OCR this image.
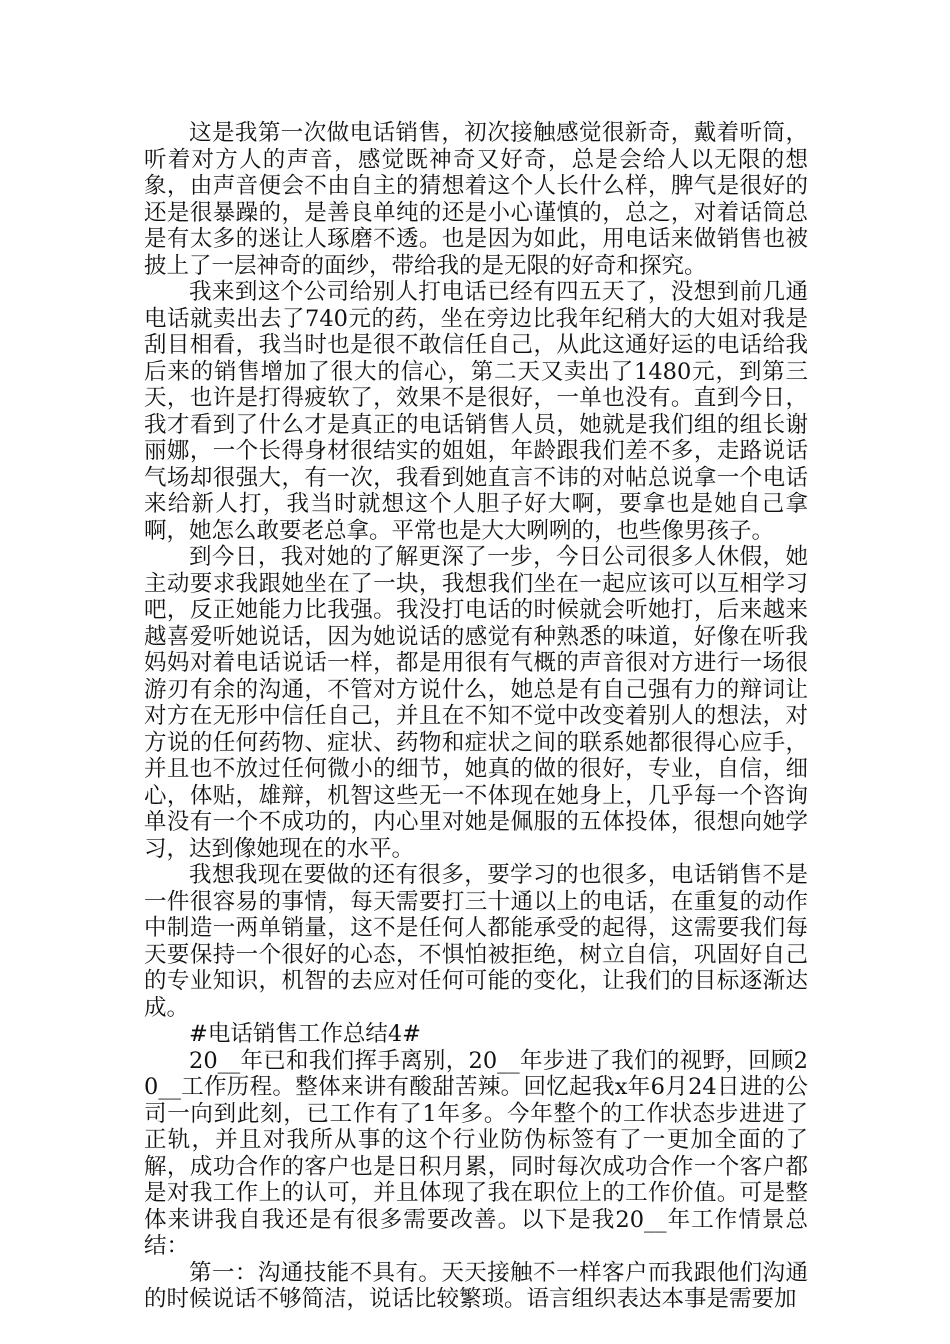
这是我第一次做电话销售，初次接触感觉很新奇，戴着听筒，听着对方人的声音，感觉既神奇又好奇，总是会给人以无限的想象，由声音便会不由自主的猜想着这个人长什么样，脾气是很好的还是很暴躁的，是善良单纯的还是小心谨慎的，总之，对着话筒总是有太多的迷让人琢磨不透。也是因为如此，用电话来做销售也被披上了一层神奇的面纱，带给我的是无限的好奇和探究。

我来到这个公司给别人打电话已经有四五天了，没想到前几通电话就卖出去了740元的药，坐在旁边比我年纪稍大的大姐对我是刮目相看，我当时也是很不敢信任自己，从此这通好运的电话给我后来的销售增加了很大的信心，第二天又卖出了1480元，到第三天，也许是打得疲软了，效果不是很好，一单也没有。直到今日，我才看到了什么才是真正的电话销售人员，她就是我们组的组长谢丽娜，一个长得身材很结实的姐姐，年龄跟我们差不多，走路说话气场却很强大，有一次，我看到她直言不讳的对帖总说拿一个电话来给新人打，我当时就想这个人胆子好大啊，要拿也是她自己拿啊，她怎么敢要老总拿。平常也是大大咧咧的，也些像男孩子。

到今日，我对她的了解更深了一步，今日公司很多人休假，她主动要求我跟她坐在了一块，我想我们坐在一起应该可以互相学习吧，反正她能力比我强。我没打电话的时候就会听她打，后来越来越喜爱听她说话，因为她说话的感觉有种熟悉的味道，好像在听我妈妈对着电话说话一样，都是用很有气概的声音很对方进行一场很游刃有余的沟通，不管对方说什么，她总是有自己强有力的辩词让对方在无形中信任自己，并且在不知不觉中改变着别人的想法，对方说的任何药物、症状、药物和症状之间的联系她都很得心应手，并且也不放过任何微小的细节，她真的做的很好，专业，自信，细心，体贴，雄辩，机智这些无一不体现在她身上，几乎每一个咨询单没有一个不成功的，内心里对她是佩服的五体投体，很想向她学习，达到像她现在的水平。

我想我现在要做的还有很多，要学习的也很多，电话销售不是一件很容易的事情，每天需要打三十通以上的电话，在重复的动作中制造一两单销量，这不是任何人都能承受的起得，这需要我们每天要保持一个很好的心态，不惧怕被拒绝，树立自信，巩固好自己的专业知识，机智的去应对任何可能的变化，让我们的目标逐渐达成。

#电话销售工作总结4#

20__年已和我们挥手离别，20__年步进了我们的视野，回顾20__工作历程。整体来讲有酸甜苦辣。回忆起我x年6月24日进的公司一向到此刻，已工作有了1年多。今年整个的工作状态步进进了正轨，并且对我所从事的这个行业防伪标签有了一更加全面的了解，成功合作的客户也是日积月累，同时每次成功合作一个客户都是对我工作上的认可，并且体现了我在职位上的工作价值。可是整体来讲我自我还是有很多需要改善。以下是我20__年工作情景总结：

第一：沟通技能不具有。天天接触不一样客户而我跟他们沟通的时候说话不够简洁，说话比较繁琐。语言组织表达本事是需要加
